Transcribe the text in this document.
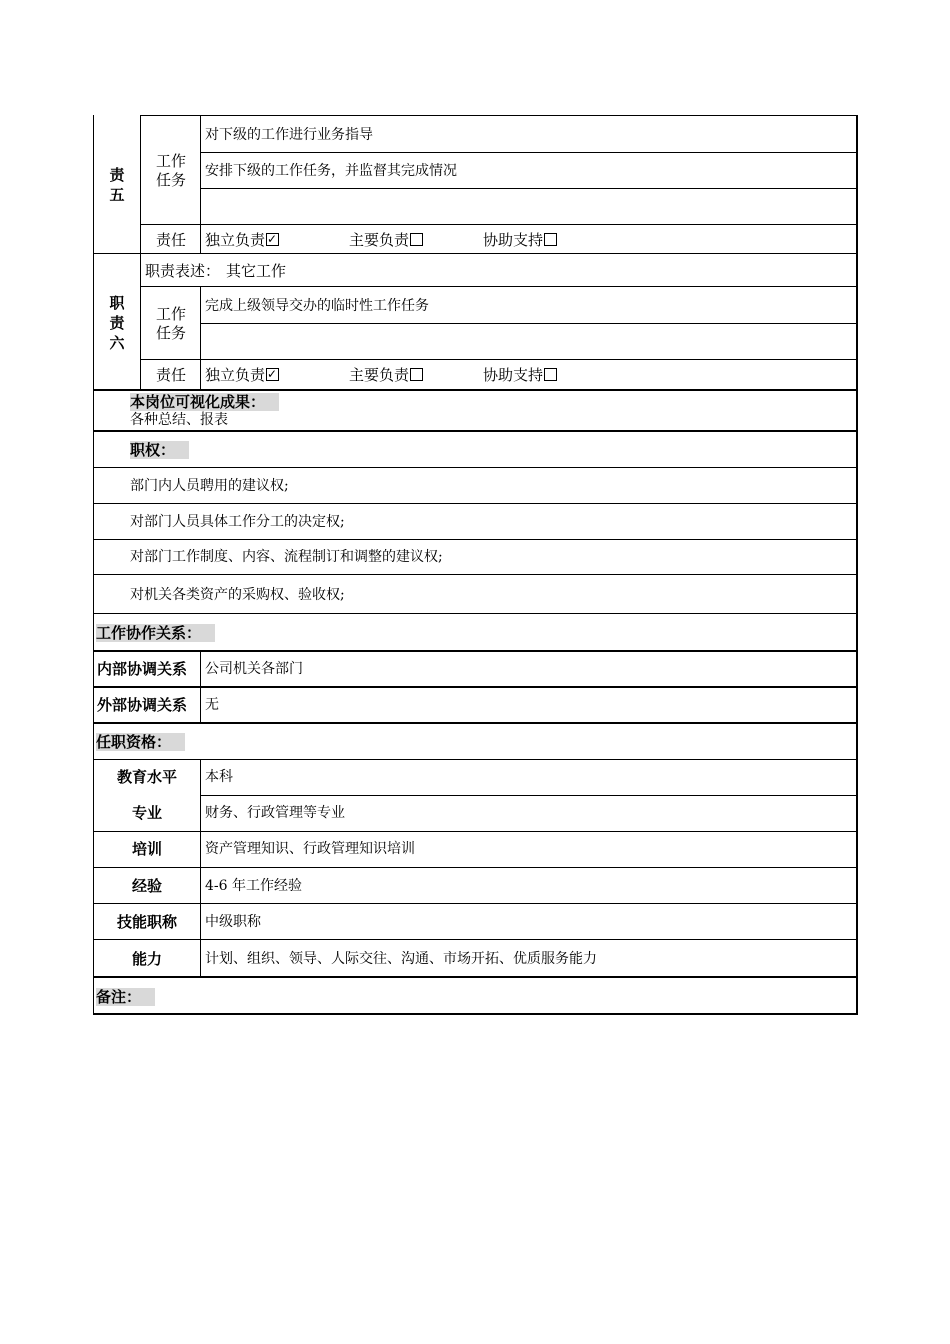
责
五
工作
任务
对下级的工作进行业务指导
安排下级的工作任务，并监督其完成情况
责任	独立负责 ✓	主要负责	协助支持
职
责
六
职责表述： 其它工作
工作
任务
完成上级领导交办的临时性工作任务
责任	独立负责 ✓	主要负责	协助支持
本岗位可视化成果：
各种总结、报表
职权：
部门内人员聘用的建议权;
对部门人员具体工作分工的决定权;
对部门工作制度、内容、流程制订和调整的建议权;
对机关各类资产的采购权、验收权;
工作协作关系：
内部协调关系 公司机关各部门
外部协调关系 无
任职资格：
教育水平	本科
专业	财务、行政管理等专业
培训	资产管理知识、行政管理知识培训
经验	4-6 年工作经验
技能职称	中级职称
能力	计划、组织、领导、人际交往、沟通、市场开拓、优质服务能力
备注：
